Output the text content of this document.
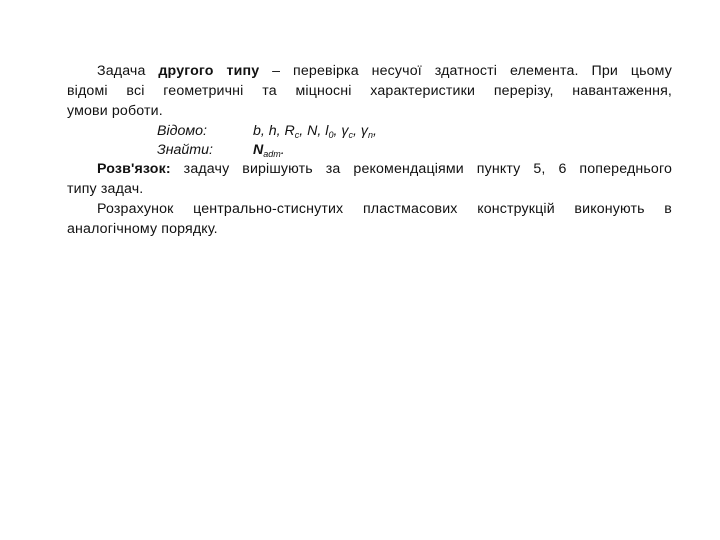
Задача другого типу – перевірка несучої здатності елемента. При цьому
відомі всі геометричні та міцносні характеристики перерізу, навантаження,
умови роботи.
Відомо:	b, h, $R_c$, N, $l_0$, $\gamma_c$, $\gamma_n$,
Знайти:	$N_{adm}$.
Розв'язок: задачу вирішують за рекомендаціями пункту 5, 6 попереднього
типу задач.
Розрахунок центрально-стиснутих пластмасових конструкцій виконують в
аналогічному порядку.
